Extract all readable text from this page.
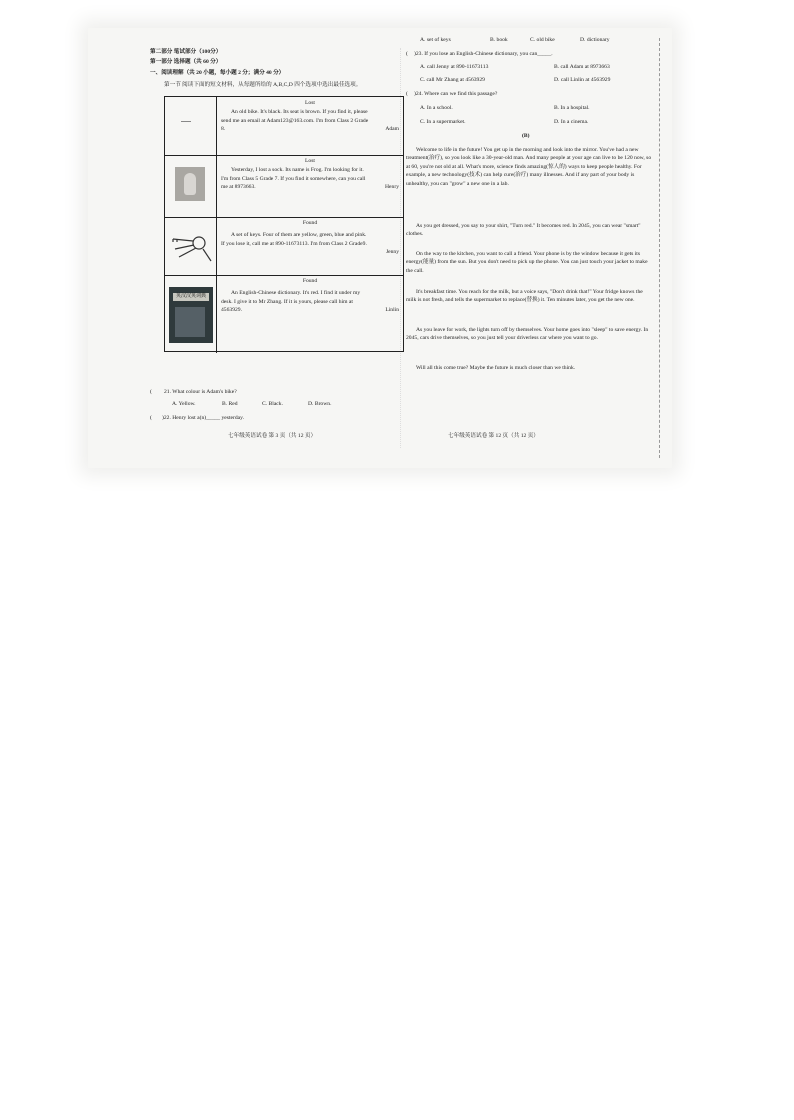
第二部分 笔试部分（100分）
第一部分 选择题（共 60 分）
一、阅读理解（共 20 小题，每小题 2 分；满分 40 分）
第一节 阅读下面的短文材料，从每题所给的 A,B,C,D 四个选项中选出最佳选项。
Lost
An old bike. It's black. Its seat is brown. If you find it, please
send me an email at Adam123@163.com. I'm from Class 2 Grade
8.	Adam
Lost
Yesterday, I lost a sock. Its name is Frog. I'm looking for it.
I'm from Class 5 Grade 7. If you find it somewhere, can you call
me at 8973663.	Henry
Found
A set of keys. Four of them are yellow, green, blue and pink.
If you lose it, call me at 890-11673113. I'm from Class 2 Grade9.
Jenny
英汉汉英词典
Found
An English-Chinese dictionary. It's red. I find it under my
desk. I give it to Mr Zhang. If it is yours, please call him at
4563929.	Linlin
( 21. What colour is Adam's bike?
A. Yellow.	B. Red	C. Black.	D. Brown.
( )22. Henry lost a(n)_____ yesterday.
七年级英语试卷 第 3 页（共 12 页）
A. set of keys	B. book	C. old bike	D. dictionary
( )23. If you lose an English-Chinese dictionary, you can_____.
A. call Jenny at 890-11673113	B. call Adam at 8973663
C. call Mr Zhang at 4563929	D. call Linlin at 4563929
( )24. Where can we find this passage?
A. In a school.	B. In a hospital.
C. In a supermarket.	D. In a cinema.
(B)
Welcome to life in the future! You get up in the morning and look into the mirror. You've had a new treatment(治疗), so you look like a 30-year-old man. And many people at your age can live to be 120 now, so at 60, you're not old at all. What's more, science finds amazing(惊人的) ways to keep people healthy. For example, a new technology(技术) can help cure(治疗) many illnesses. And if any part of your body is unhealthy, you can "grow" a new one in a lab.
As you get dressed, you say to your shirt, "Turn red." It becomes red. In 2045, you can wear "smart" clothes.
On the way to the kitchen, you want to call a friend. Your phone is by the window because it gets its energy(能量) from the sun. But you don't need to pick up the phone. You can just touch your jacket to make the call.
It's breakfast time. You reach for the milk, but a voice says, "Don't drink that!" Your fridge knows the milk is not fresh, and tells the supermarket to replace(替换) it. Ten minutes later, you get the new one.
As you leave for work, the lights turn off by themselves. Your home goes into "sleep" to save energy. In 2045, cars drive themselves, so you just tell your driverless car where you want to go.
Will all this come true? Maybe the future is much closer than we think.
七年级英语试卷 第 12 页（共 12 页）
